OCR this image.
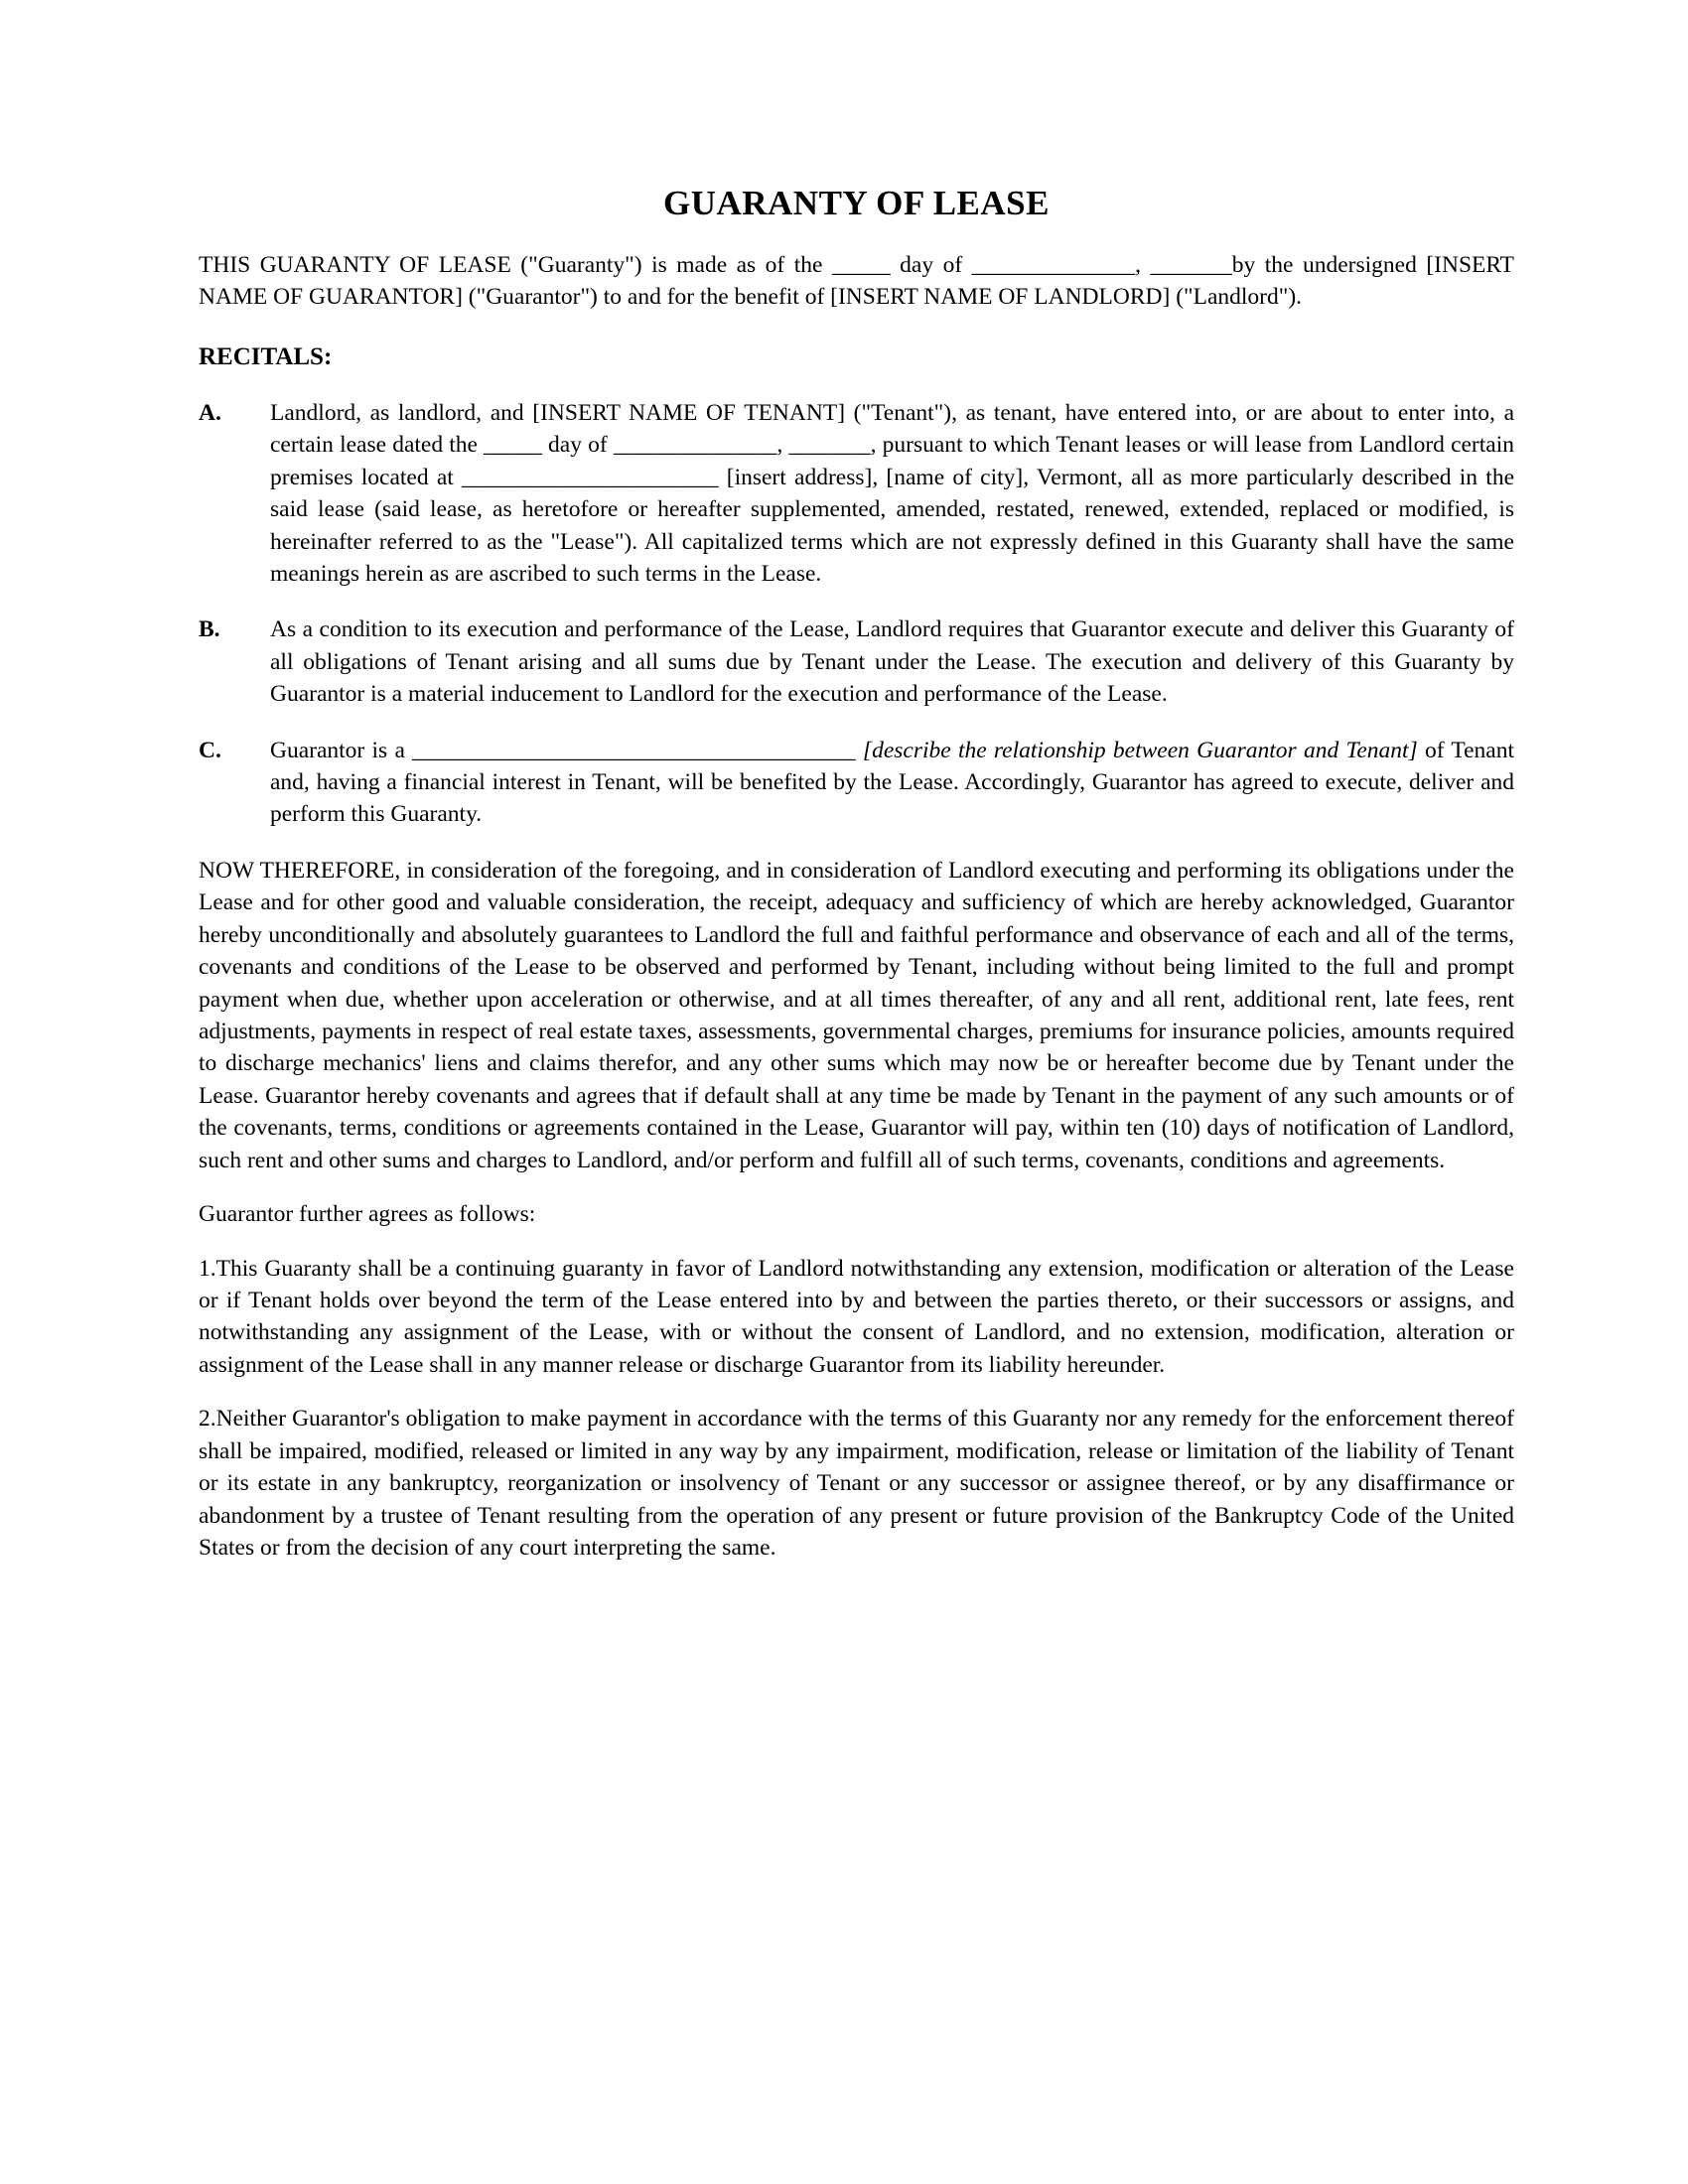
GUARANTY OF LEASE

THIS GUARANTY OF LEASE ("Guaranty") is made as of the _____ day of ______________, _______by the undersigned [INSERT NAME OF GUARANTOR] ("Guarantor") to and for the benefit of [INSERT NAME OF LANDLORD] ("Landlord").

RECITALS:
A.	Landlord, as landlord, and [INSERT NAME OF TENANT] ("Tenant"), as tenant, have entered into, or are about to enter into, a certain lease dated the _____ day of ______________, _______, pursuant to which Tenant leases or will lease from Landlord certain premises located at ______________________ [insert address], [name of city], Vermont, all as more particularly described in the said lease (said lease, as heretofore or hereafter supplemented, amended, restated, renewed, extended, replaced or modified, is hereinafter referred to as the "Lease"). All capitalized terms which are not expressly defined in this Guaranty shall have the same meanings herein as are ascribed to such terms in the Lease.
B.	As a condition to its execution and performance of the Lease, Landlord requires that Guarantor execute and deliver this Guaranty of all obligations of Tenant arising and all sums due by Tenant under the Lease. The execution and delivery of this Guaranty by Guarantor is a material inducement to Landlord for the execution and performance of the Lease.
C.	Guarantor is a ______________________________________ [describe the relationship between Guarantor and Tenant] of Tenant and, having a financial interest in Tenant, will be benefited by the Lease. Accordingly, Guarantor has agreed to execute, deliver and perform this Guaranty.

NOW THEREFORE, in consideration of the foregoing, and in consideration of Landlord executing and performing its obligations under the Lease and for other good and valuable consideration, the receipt, adequacy and sufficiency of which are hereby acknowledged, Guarantor hereby unconditionally and absolutely guarantees to Landlord the full and faithful performance and observance of each and all of the terms, covenants and conditions of the Lease to be observed and performed by Tenant, including without being limited to the full and prompt payment when due, whether upon acceleration or otherwise, and at all times thereafter, of any and all rent, additional rent, late fees, rent adjustments, payments in respect of real estate taxes, assessments, governmental charges, premiums for insurance policies, amounts required to discharge mechanics' liens and claims therefor, and any other sums which may now be or hereafter become due by Tenant under the Lease. Guarantor hereby covenants and agrees that if default shall at any time be made by Tenant in the payment of any such amounts or of the covenants, terms, conditions or agreements contained in the Lease, Guarantor will pay, within ten (10) days of notification of Landlord, such rent and other sums and charges to Landlord, and/or perform and fulfill all of such terms, covenants, conditions and agreements.

Guarantor further agrees as follows:

1.This Guaranty shall be a continuing guaranty in favor of Landlord notwithstanding any extension, modification or alteration of the Lease or if Tenant holds over beyond the term of the Lease entered into by and between the parties thereto, or their successors or assigns, and notwithstanding any assignment of the Lease, with or without the consent of Landlord, and no extension, modification, alteration or assignment of the Lease shall in any manner release or discharge Guarantor from its liability hereunder.

2.Neither Guarantor's obligation to make payment in accordance with the terms of this Guaranty nor any remedy for the enforcement thereof shall be impaired, modified, released or limited in any way by any impairment, modification, release or limitation of the liability of Tenant or its estate in any bankruptcy, reorganization or insolvency of Tenant or any successor or assignee thereof, or by any disaffirmance or abandonment by a trustee of Tenant resulting from the operation of any present or future provision of the Bankruptcy Code of the United States or from the decision of any court interpreting the same.
